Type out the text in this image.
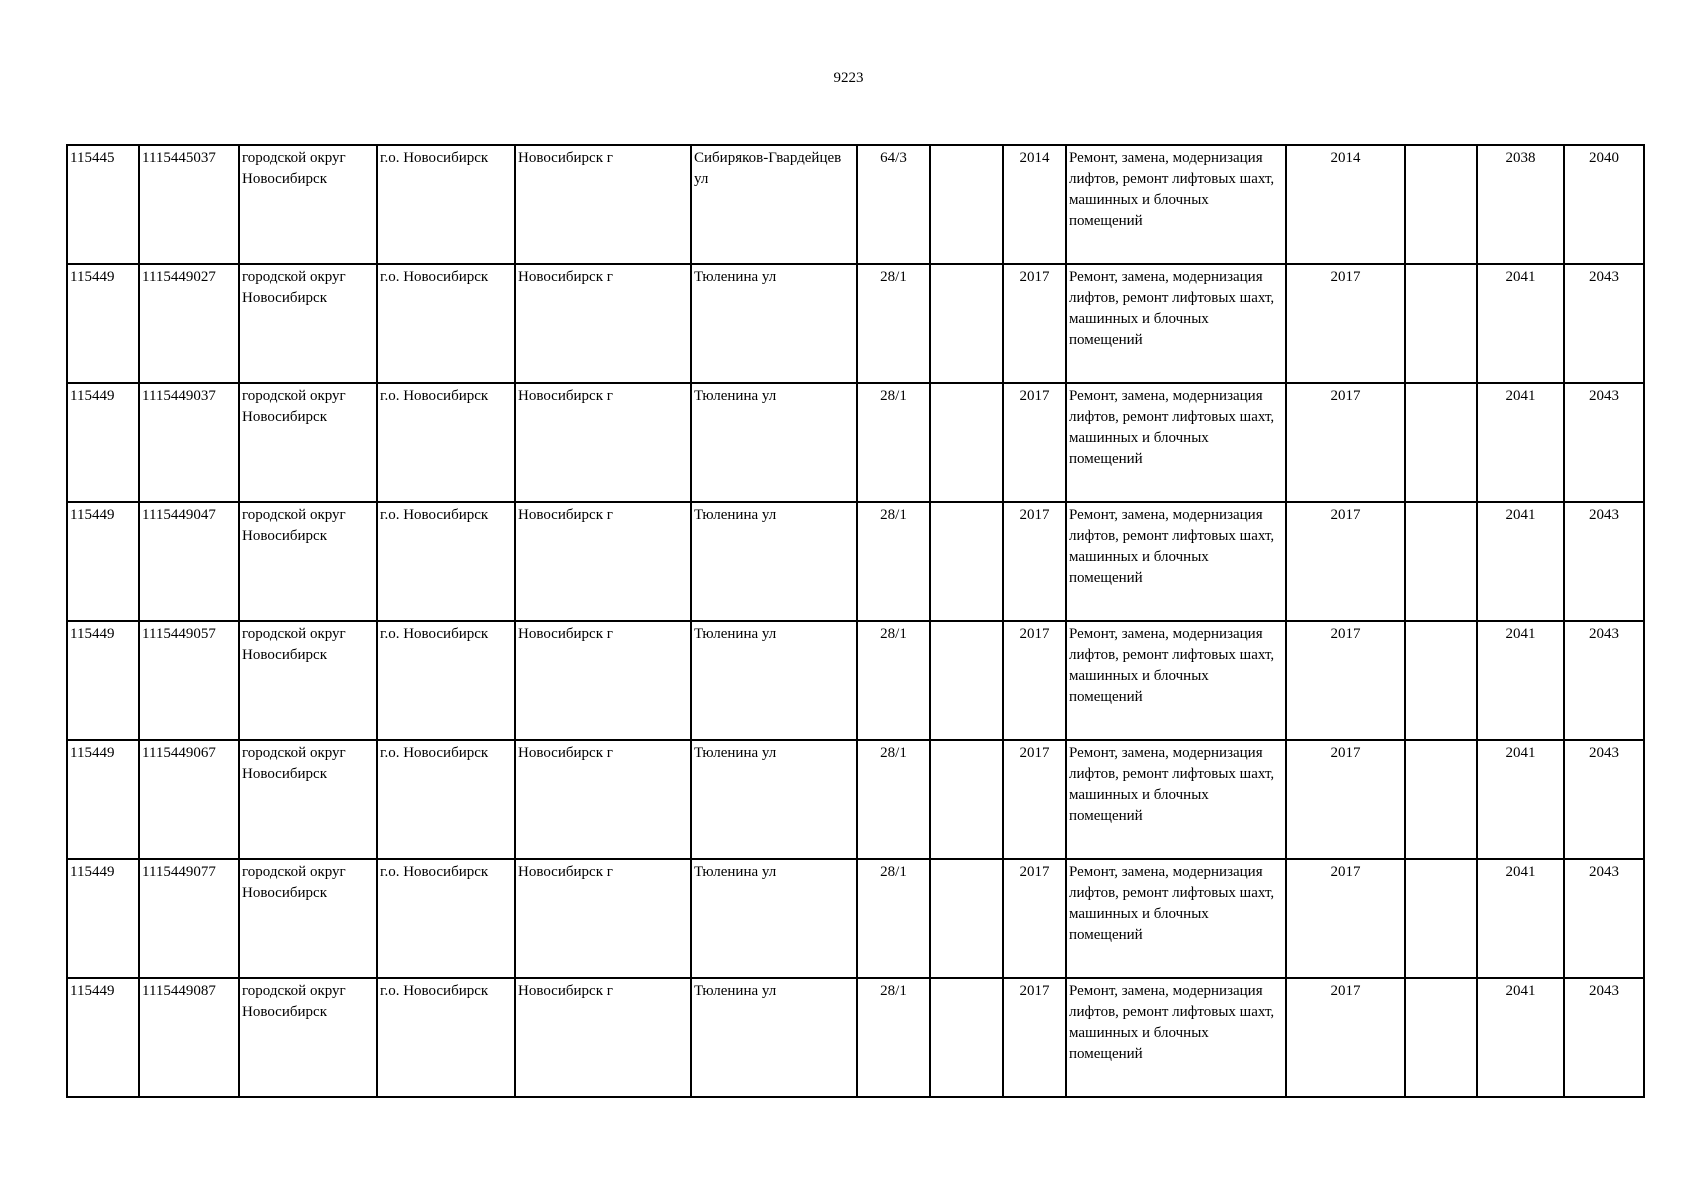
9223
115445	1115445037	городской округ Новосибирск	г.о. Новосибирск	Новосибирск г	Сибиряков-Гвардейцев ул	64/3		2014	Ремонт, замена, модернизация лифтов, ремонт лифтовых шахт, машинных и блочных помещений	2014		2038	2040
115449	1115449027	городской округ Новосибирск	г.о. Новосибирск	Новосибирск г	Тюленина ул	28/1		2017	Ремонт, замена, модернизация лифтов, ремонт лифтовых шахт, машинных и блочных помещений	2017		2041	2043
115449	1115449037	городской округ Новосибирск	г.о. Новосибирск	Новосибирск г	Тюленина ул	28/1		2017	Ремонт, замена, модернизация лифтов, ремонт лифтовых шахт, машинных и блочных помещений	2017		2041	2043
115449	1115449047	городской округ Новосибирск	г.о. Новосибирск	Новосибирск г	Тюленина ул	28/1		2017	Ремонт, замена, модернизация лифтов, ремонт лифтовых шахт, машинных и блочных помещений	2017		2041	2043
115449	1115449057	городской округ Новосибирск	г.о. Новосибирск	Новосибирск г	Тюленина ул	28/1		2017	Ремонт, замена, модернизация лифтов, ремонт лифтовых шахт, машинных и блочных помещений	2017		2041	2043
115449	1115449067	городской округ Новосибирск	г.о. Новосибирск	Новосибирск г	Тюленина ул	28/1		2017	Ремонт, замена, модернизация лифтов, ремонт лифтовых шахт, машинных и блочных помещений	2017		2041	2043
115449	1115449077	городской округ Новосибирск	г.о. Новосибирск	Новосибирск г	Тюленина ул	28/1		2017	Ремонт, замена, модернизация лифтов, ремонт лифтовых шахт, машинных и блочных помещений	2017		2041	2043
115449	1115449087	городской округ Новосибирск	г.о. Новосибирск	Новосибирск г	Тюленина ул	28/1		2017	Ремонт, замена, модернизация лифтов, ремонт лифтовых шахт, машинных и блочных помещений	2017		2041	2043
